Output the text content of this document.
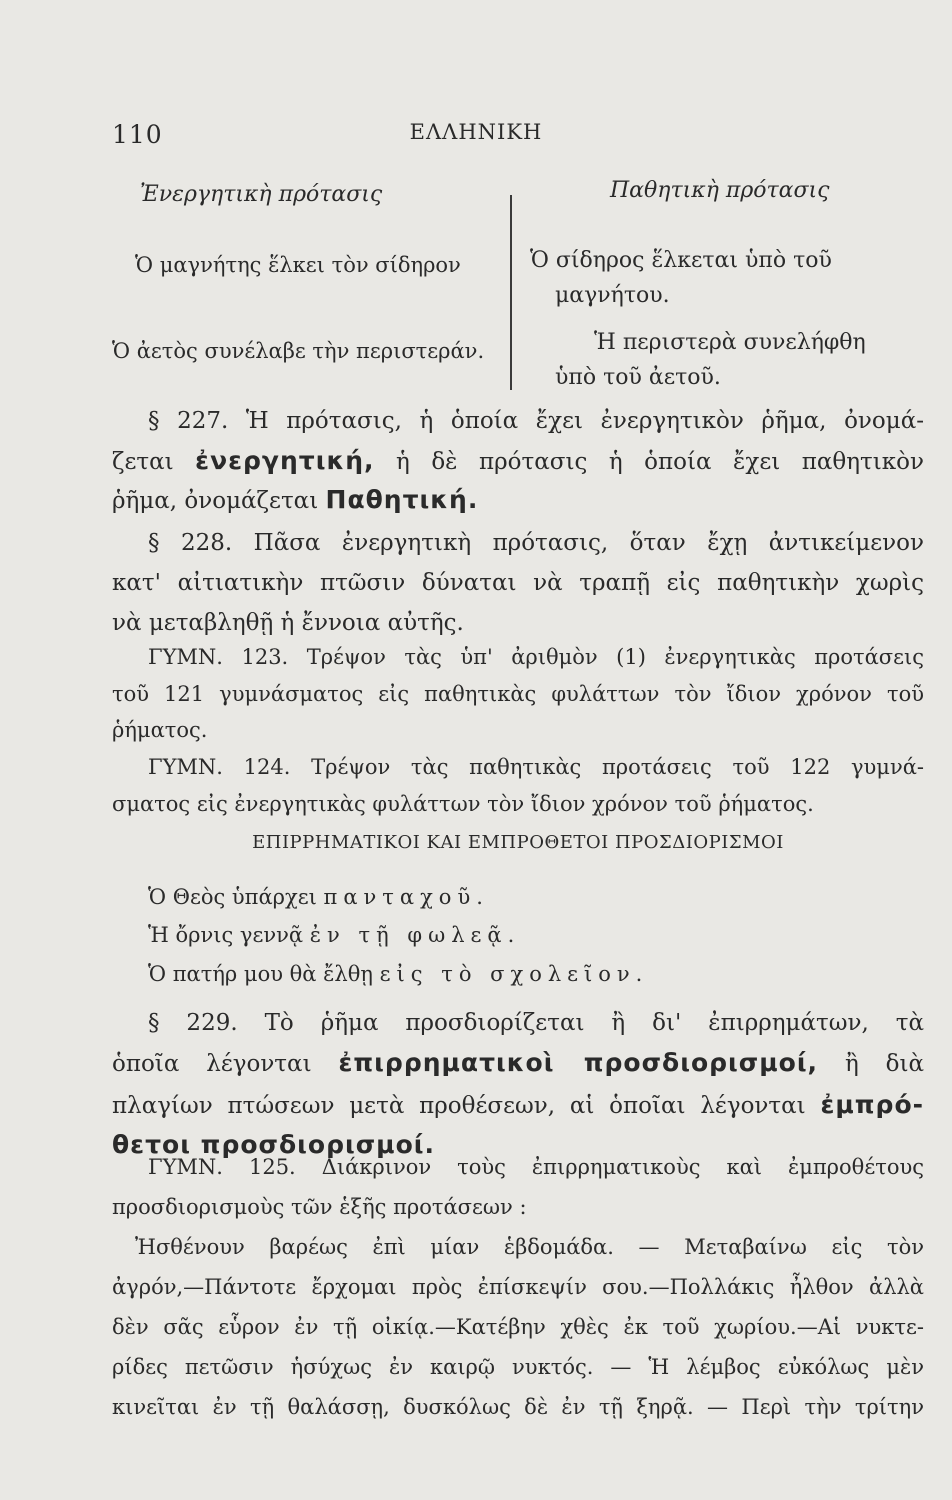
110	ΕΛΛΗΝΙΚΗ
Ἐνεργητικὴ πρότασις	Παθητικὴ πρότασις
Ὁ μαγνήτης ἕλκει τὸν σίδηρον
Ὁ ἀετὸς συνέλαβε τὴν περιστεράν.
Ὁ σίδηρος ἕλκεται ὑπὸ τοῦ
μαγνήτου.
Ἡ περιστερὰ συνελήφθη
ὑπὸ τοῦ ἀετοῦ.
§ 227. Ἡ πρότασις, ἡ ὁποία ἔχει ἐνεργητικὸν ῥῆμα, ὀνομά-
ζεται ἐνεργητική, ἡ δὲ πρότασις ἡ ὁποία ἔχει παθητικὸν
ῥῆμα, ὀνομάζεται Παθητική.
§ 228. Πᾶσα ἐνεργητικὴ πρότασις, ὅταν ἔχῃ ἀντικείμενον
κατ' αἰτιατικὴν πτῶσιν δύναται νὰ τραπῇ εἰς παθητικὴν χωρὶς
νὰ μεταβληθῇ ἡ ἔννοια αὐτῆς.
ΓΥΜΝ. 123. Τρέψον τὰς ὑπ' ἀριθμὸν (1) ἐνεργητικὰς προτάσεις
τοῦ 121 γυμνάσματος εἰς παθητικὰς φυλάττων τὸν ἴδιον χρόνον τοῦ
ῥήματος.
ΓΥΜΝ. 124. Τρέψον τὰς παθητικὰς προτάσεις τοῦ 122 γυμνά-
σματος εἰς ἐνεργητικὰς φυλάττων τὸν ἴδιον χρόνον τοῦ ῥήματος.
ΕΠΙΡΡΗΜΑΤΙΚΟΙ ΚΑΙ ΕΜΠΡΟΘΕΤΟΙ ΠΡΟΣΔΙΟΡΙΣΜΟΙ
Ὁ Θεὸς ὑπάρχει πανταχοῦ.
Ἡ ὄρνις γεννᾷ ἐν τῇ φωλεᾷ.
Ὁ πατήρ μου θὰ ἔλθῃ εἰς τὸ σχολεῖον.
§ 229. Τὸ ῥῆμα προσδιορίζεται ἢ δι' ἐπιρρημάτων, τὰ
ὁποῖα λέγονται ἐπιρρηματικοὶ προσδιορισμοί, ἢ διὰ
πλαγίων πτώσεων μετὰ προθέσεων, αἱ ὁποῖαι λέγονται ἐμπρό-
θετοι προσδιορισμοί.
ΓΥΜΝ. 125. Διάκρινον τοὺς ἐπιρρηματικοὺς καὶ ἐμπροθέτους
προσδιορισμοὺς τῶν ἑξῆς προτάσεων :
Ἠσθένουν βαρέως ἐπὶ μίαν ἑβδομάδα. — Μεταβαίνω εἰς τὸν
ἀγρόν,—Πάντοτε ἔρχομαι πρὸς ἐπίσκεψίν σου.—Πολλάκις ἦλθον ἀλλὰ
δὲν σᾶς εὗρον ἐν τῇ οἰκίᾳ.—Κατέβην χθὲς ἐκ τοῦ χωρίου.—Αἱ νυκτε-
ρίδες πετῶσιν ἡσύχως ἐν καιρῷ νυκτός. — Ἡ λέμβος εὐκόλως μὲν
κινεῖται ἐν τῇ θαλάσσῃ, δυσκόλως δὲ ἐν τῇ ξηρᾷ. — Περὶ τὴν τρίτην
